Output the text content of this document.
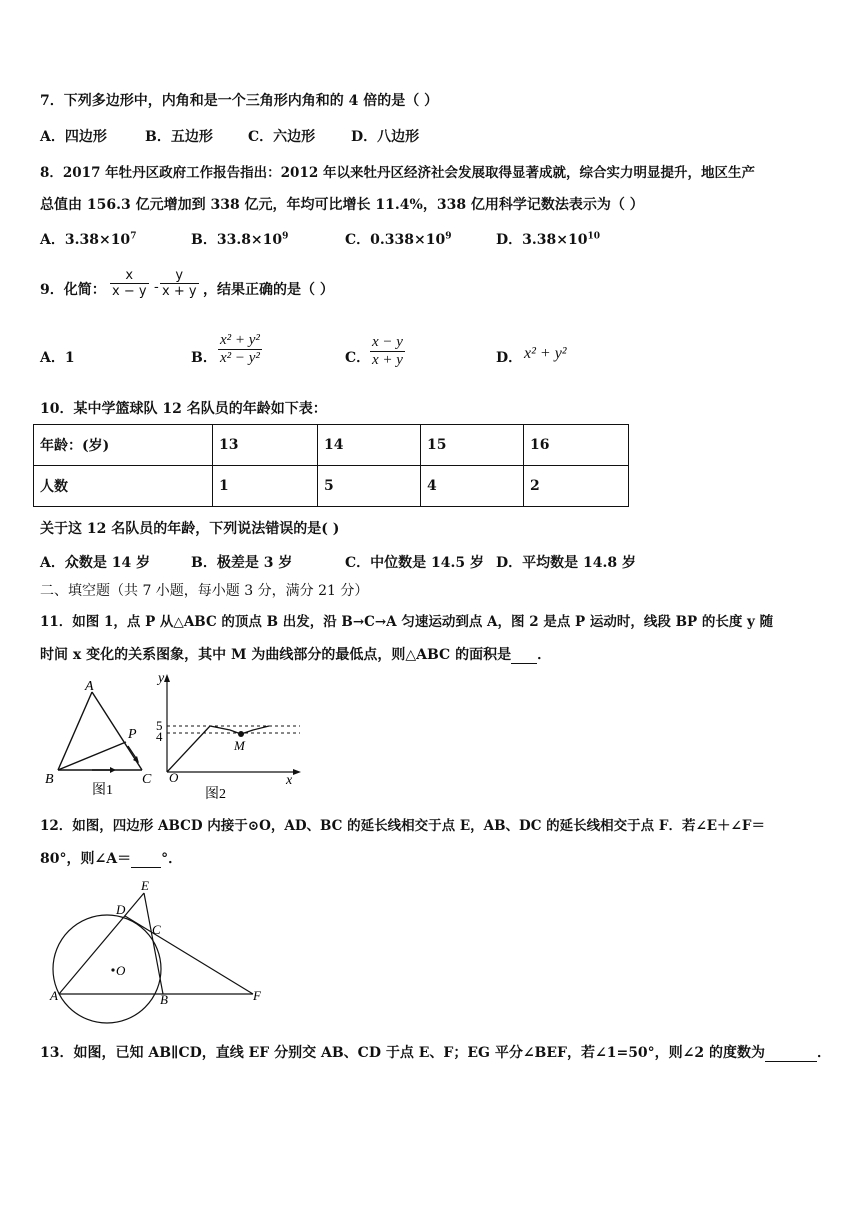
7．下列多边形中，内角和是一个三角形内角和的 4 倍的是（ ）
A．四边形	B．五边形	C．六边形	D．八边形
8．2017 年牡丹区政府工作报告指出：2012 年以来牡丹区经济社会发展取得显著成就，综合实力明显提升，地区生产
总值由 156.3 亿元增加到 338 亿元，年均可比增长 11.4%，338 亿用科学记数法表示为（ ）
A．$3.38\times 10^7$	B．$33.8\times 10^9$	C．$0.338\times 10^9$	D．$3.38\times 10^{10}$
9．化简： $\frac{x}{x - y} - \frac{y}{x + y}$ ，结果正确的是（ ）
A．1	B． $\frac{\text{x² + y²}}{\text{x² − y²}}$	C． $\frac{x - y}{x + y}$	D． x² + y²
10．某中学篮球队 12 名队员的年龄如下表：
年龄：(岁)	13	14	15	16
人数	1	5	4	2
关于这 12 名队员的年龄，下列说法错误的是( )
A．众数是 14 岁	B．极差是 3 岁	C．中位数是 14.5 岁 D．平均数是 14.8 岁
二、填空题（共 7 小题，每小题 3 分，满分 21 分）
11．如图 1，点 P 从△ABC 的顶点 B 出发，沿 B→C→A 匀速运动到点 A，图 2 是点 P 运动时，线段 BP 的长度 y 随
时间 x 变化的关系图象，其中 M 为曲线部分的最低点，则△ABC 的面积是 ．
A
B	C
P
图1
y
x
O
5
4
M
图2
12．如图，四边形 ABCD 内接于⊙O，AD、BC 的延长线相交于点 E，AB、DC 的延长线相交于点 F．若∠E＋∠F＝
80°，则∠A＝ °．
E
D
C
O
A	B	F
13．如图，已知 AB∥CD，直线 EF 分别交 AB、CD 于点 E、F；EG 平分∠BEF，若∠1=50°，则∠2 的度数为	．
